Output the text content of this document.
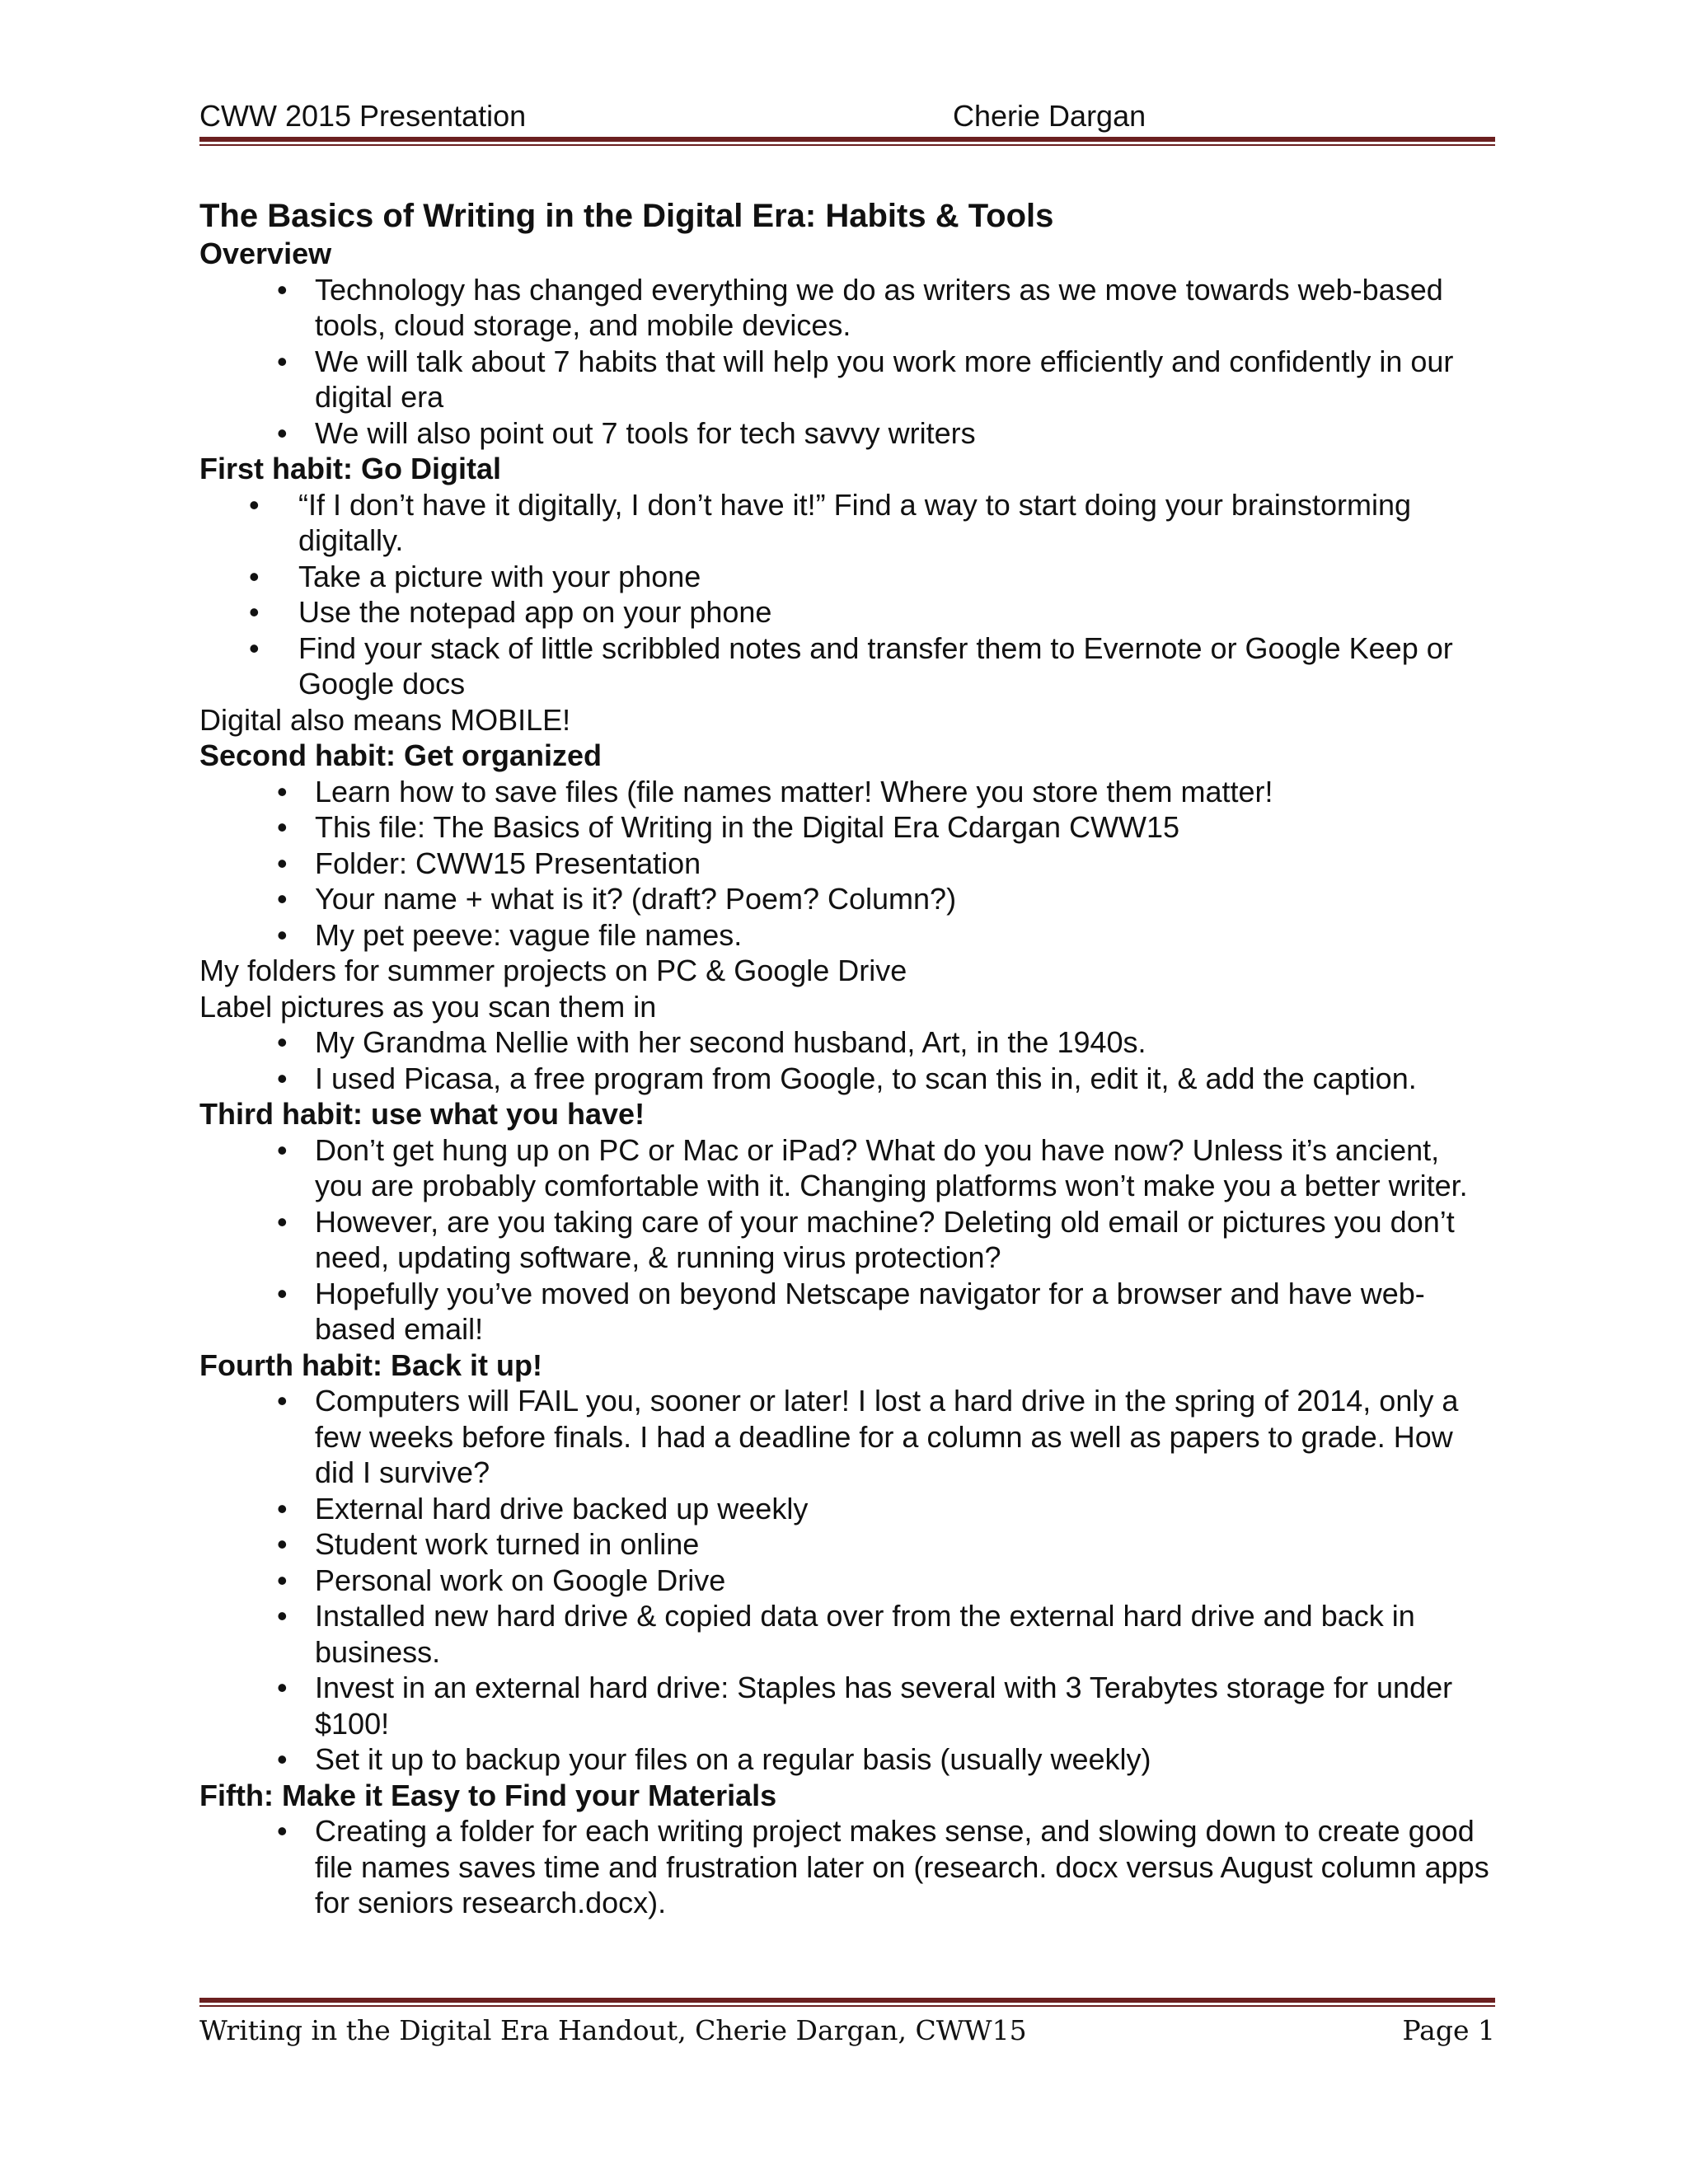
CWW 2015 Presentation	Cherie Dargan
The Basics of Writing in the Digital Era: Habits & Tools
Overview
• Technology has changed everything we do as writers as we move towards web-based tools, cloud storage, and mobile devices.
• We will talk about 7 habits that will help you work more efficiently and confidently in our digital era
• We will also point out 7 tools for tech savvy writers
First habit: Go Digital
• “If I don’t have it digitally, I don’t have it!” Find a way to start doing your brainstorming digitally.
• Take a picture with your phone
• Use the notepad app on your phone
• Find your stack of little scribbled notes and transfer them to Evernote or Google Keep or Google docs
Digital also means MOBILE!
Second habit: Get organized
• Learn how to save files (file names matter! Where you store them matter!
• This file: The Basics of Writing in the Digital Era Cdargan CWW15
• Folder: CWW15 Presentation
• Your name + what is it? (draft? Poem? Column?)
• My pet peeve: vague file names.
My folders for summer projects on PC & Google Drive
Label pictures as you scan them in
• My Grandma Nellie with her second husband, Art, in the 1940s.
• I used Picasa, a free program from Google, to scan this in, edit it, & add the caption.
Third habit: use what you have!
• Don’t get hung up on PC or Mac or iPad? What do you have now? Unless it’s ancient, you are probably comfortable with it. Changing platforms won’t make you a better writer.
• However, are you taking care of your machine? Deleting old email or pictures you don’t need, updating software, & running virus protection?
• Hopefully you’ve moved on beyond Netscape navigator for a browser and have web-based email!
Fourth habit: Back it up!
• Computers will FAIL you, sooner or later! I lost a hard drive in the spring of 2014, only a few weeks before finals. I had a deadline for a column as well as papers to grade. How did I survive?
• External hard drive backed up weekly
• Student work turned in online
• Personal work on Google Drive
• Installed new hard drive & copied data over from the external hard drive and back in business.
• Invest in an external hard drive: Staples has several with 3 Terabytes storage for under $100!
• Set it up to backup your files on a regular basis (usually weekly)
Fifth: Make it Easy to Find your Materials
• Creating a folder for each writing project makes sense, and slowing down to create good file names saves time and frustration later on (research. docx versus August column apps for seniors research.docx).
Writing in the Digital Era Handout, Cherie Dargan, CWW15	Page 1
